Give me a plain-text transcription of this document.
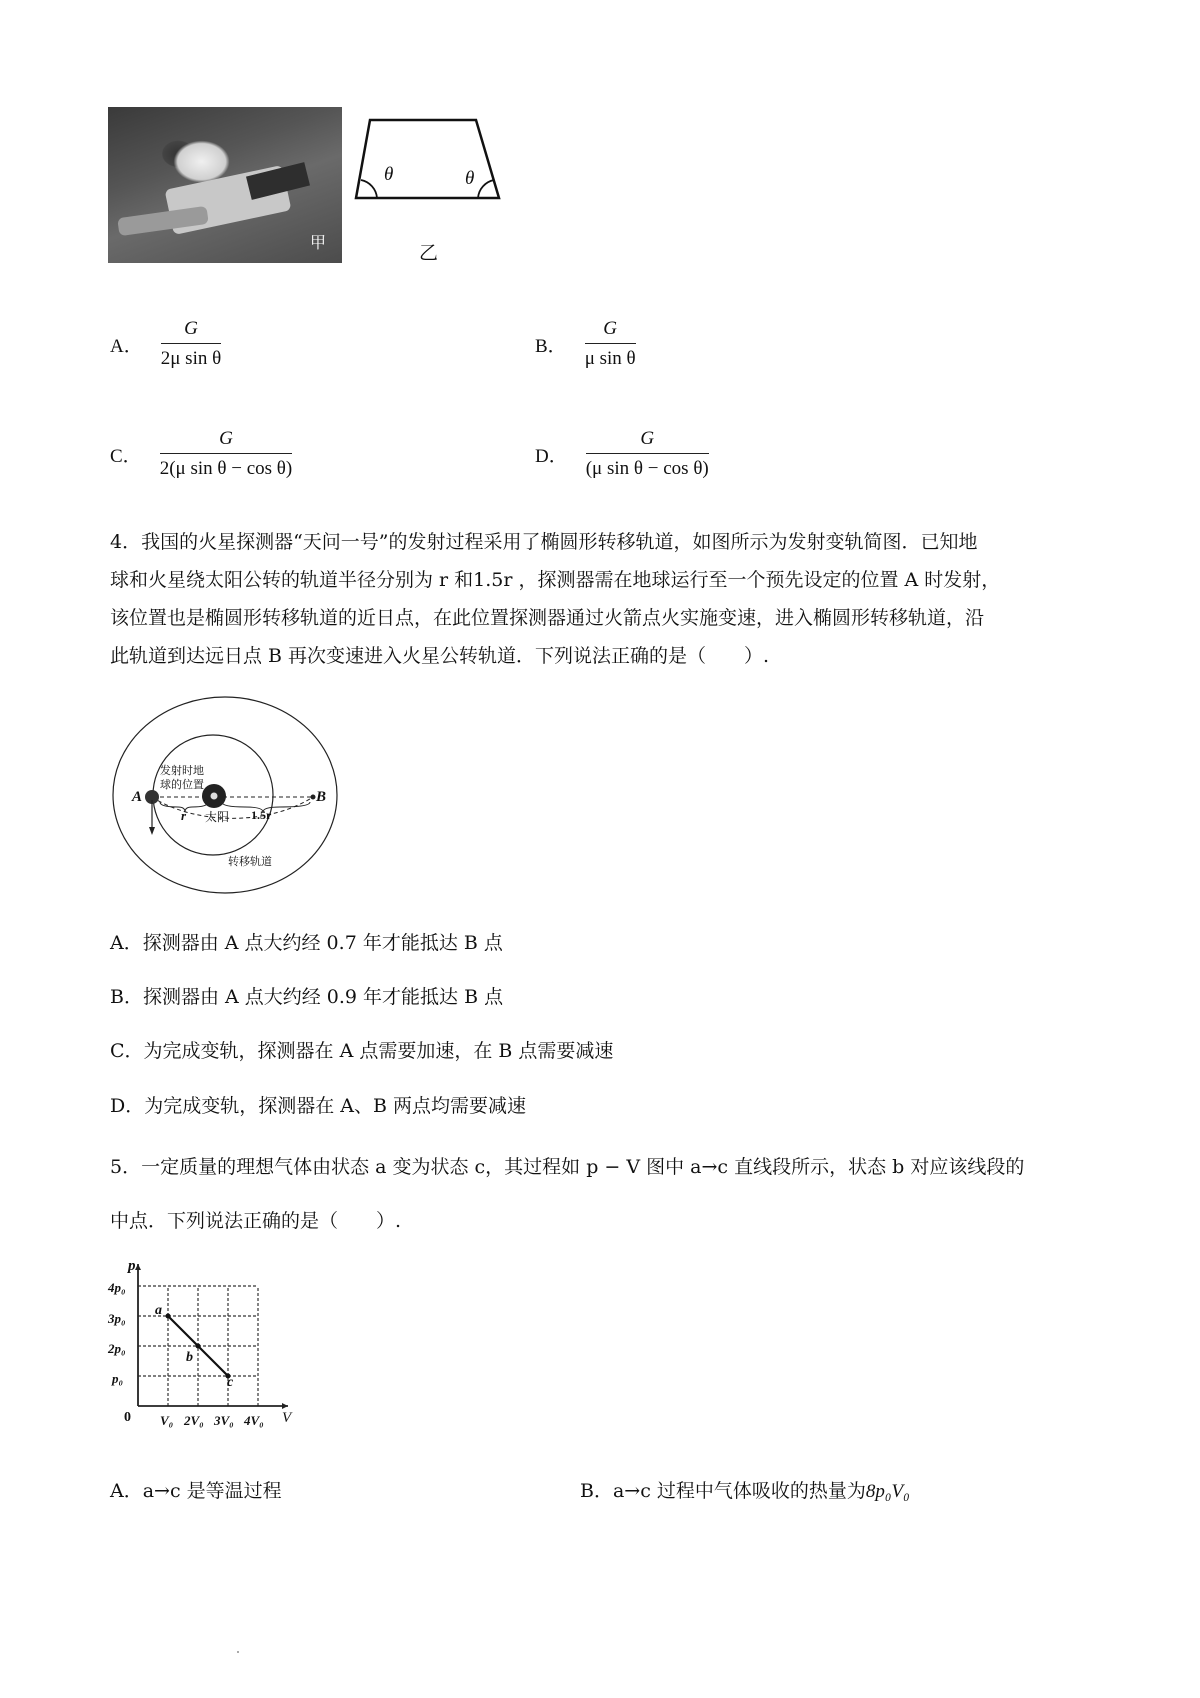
甲
θ	θ
乙
A． $\frac{G}{\text{2μ sin θ}}$	B． $\frac{G}{\text{μ sin θ}}$
C． $\frac{G}{\text{2(μ sin θ − cos θ)}}$	D． $\frac{G}{\text{(μ sin θ − cos θ)}}$
4．我国的火星探测器“天问一号”的发射过程采用了椭圆形转移轨道，如图所示为发射变轨简图．已知地
球和火星绕太阳公转的轨道半径分别为 r 和1.5r ，探测器需在地球运行至一个预先设定的位置 A 时发射，
该位置也是椭圆形转移轨道的近日点，在此位置探测器通过火箭点火实施变速，进入椭圆形转移轨道，沿
此轨道到达远日点 B 再次变速进入火星公转轨道．下列说法正确的是（　　）.
A	B
发射时地
球的位置
r 太阳 1.5r
转移轨道
A．探测器由 A 点大约经 0.7 年才能抵达 B 点
B．探测器由 A 点大约经 0.9 年才能抵达 B 点
C．为完成变轨，探测器在 A 点需要加速，在 B 点需要减速
D．为完成变轨，探测器在 A、B 两点均需要减速
5．一定质量的理想气体由状态 a 变为状态 c，其过程如 p − V 图中 a→c 直线段所示，状态 b 对应该线段的
中点．下列说法正确的是（　　）.
p
V
0
p₀
2p₀
3p₀
4p₀
V₀ 2V₀ 3V₀ 4V₀
a
b
c
A．a→c 是等温过程	B．a→c 过程中气体吸收的热量为8p₀V₀
